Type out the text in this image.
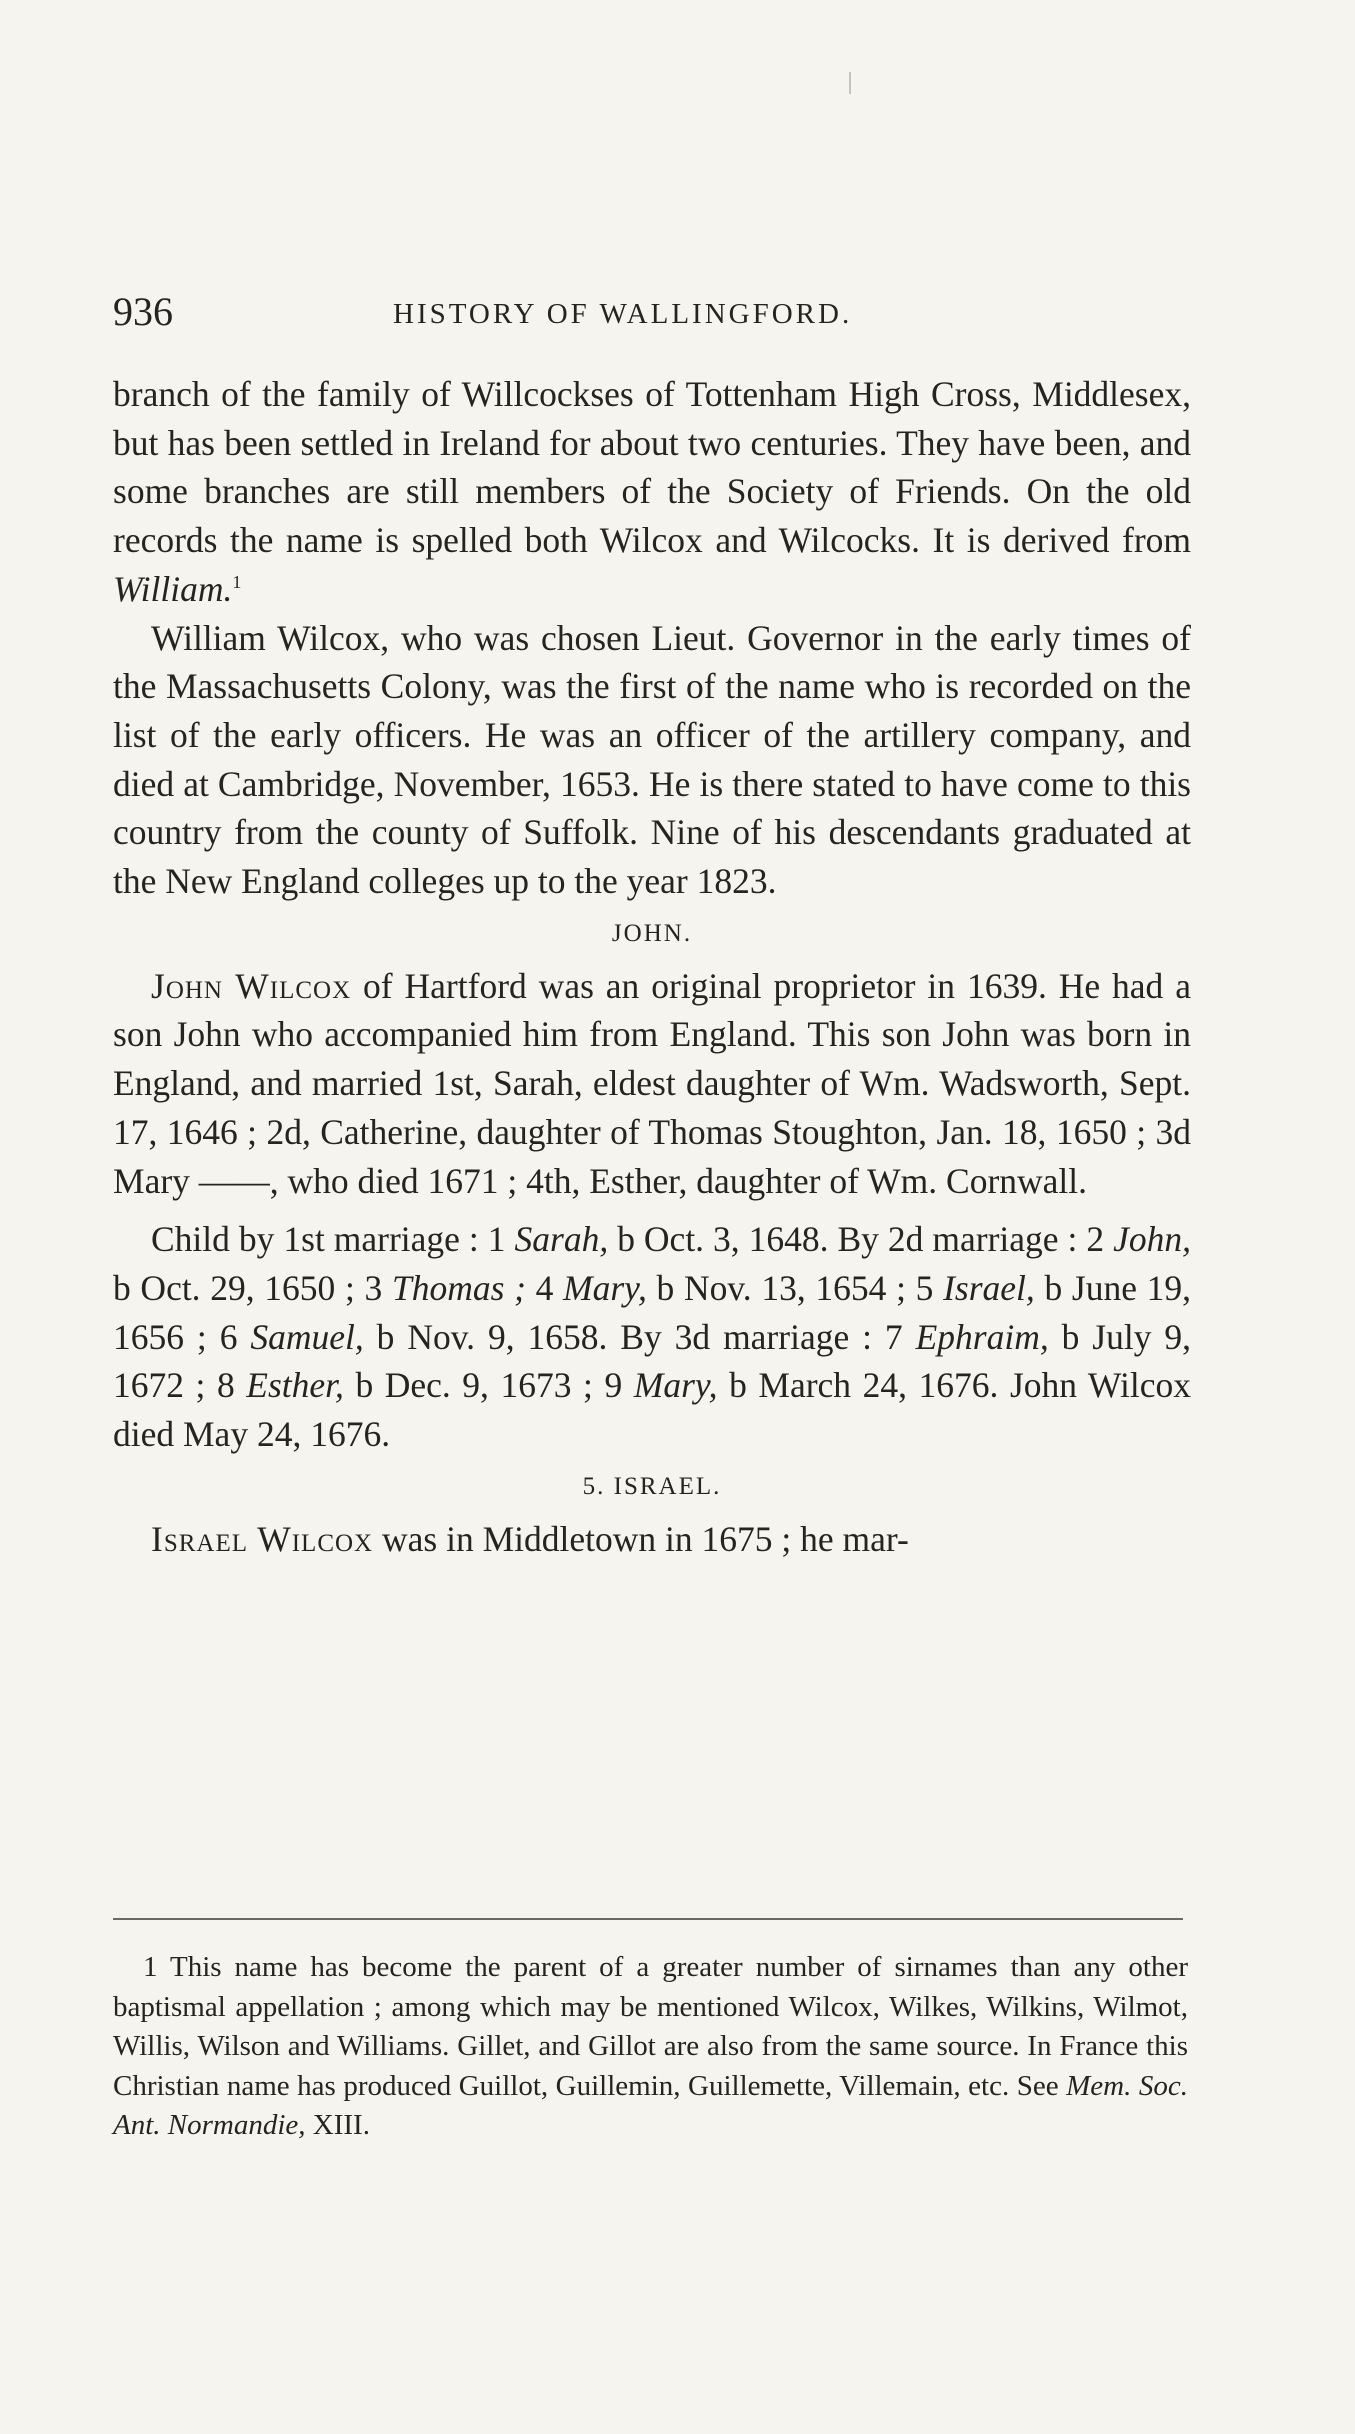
936	HISTORY OF WALLINGFORD.

branch of the family of Willcockses of Tottenham High Cross, Middlesex, but has been settled in Ireland for about two centuries. They have been, and some branches are still members of the Society of Friends. On the old records the name is spelled both Wilcox and Wilcocks. It is derived from William.$^1$

William Wilcox, who was chosen Lieut. Governor in the early times of the Massachusetts Colony, was the first of the name who is recorded on the list of the early officers. He was an officer of the artillery company, and died at Cambridge, November, 1653. He is there stated to have come to this country from the county of Suffolk. Nine of his descendants graduated at the New England colleges up to the year 1823.

JOHN.

John Wilcox of Hartford was an original proprietor in 1639. He had a son John who accompanied him from England. This son John was born in England, and married 1st, Sarah, eldest daughter of Wm. Wadsworth, Sept. 17, 1646 ; 2d, Catherine, daughter of Thomas Stoughton, Jan. 18, 1650 ; 3d Mary ——, who died 1671 ; 4th, Esther, daughter of Wm. Cornwall.

Child by 1st marriage : 1 Sarah, b Oct. 3, 1648. By 2d marriage : 2 John, b Oct. 29, 1650 ; 3 Thomas ; 4 Mary, b Nov. 13, 1654 ; 5 Israel, b June 19, 1656 ; 6 Samuel, b Nov. 9, 1658. By 3d marriage : 7 Ephraim, b July 9, 1672 ; 8 Esther, b Dec. 9, 1673 ; 9 Mary, b March 24, 1676. John Wilcox died May 24, 1676.

5. ISRAEL.

Israel Wilcox was in Middletown in 1675 ; he mar-

1 This name has become the parent of a greater number of sirnames than any other baptismal appellation ; among which may be mentioned Wilcox, Wilkes, Wilkins, Wilmot, Willis, Wilson and Williams. Gillet, and Gillot are also from the same source. In France this Christian name has produced Guillot, Guillemin, Guillemette, Villemain, etc. See Mem. Soc. Ant. Normandie, XIII.
